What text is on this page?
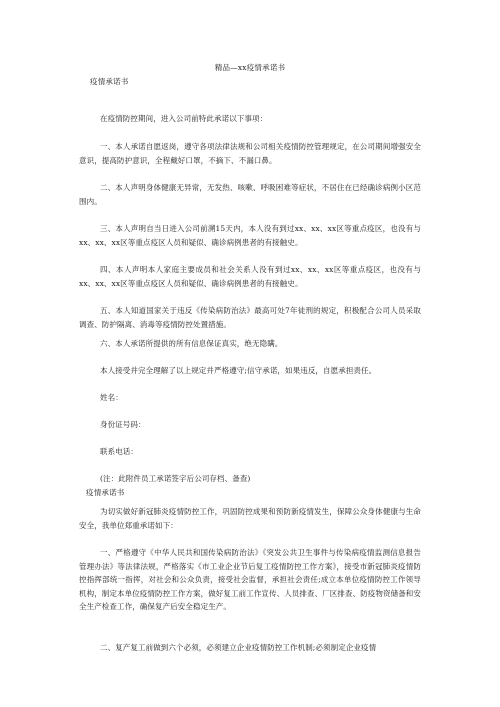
精品—xx疫情承诺书
疫情承诺书
在疫情防控期间，进入公司前特此承诺以下事项：
一、本人承诺自愿返岗，遵守各项法律法规和公司相关疫情防控管理规定，在公司期间增强安全意识，提高防护意识，全程戴好口罩，不摘下、不漏口鼻。
二、本人声明身体健康无异常，无发热、咳嗽、呼吸困难等症状，不居住在已经确诊病例小区范围内。
三、本人声明自当日进入公司前溯15天内，本人没有到过xx、xx、xx区等重点疫区，也没有与xx、xx、xx区等重点疫区人员和疑似、确诊病例患者的有接触史。
四、本人声明本人家庭主要成员和社会关系人没有到过xx、xx、xx区等重点疫区，也没有与xx、xx、xx区等重点疫区人员和疑似、确诊病例患者的有接触史。
五、本人知道国家关于违反《传染病防治法》最高可处7年徒刑的规定，积极配合公司人员采取调查、防护隔离、消毒等疫情防控处置措施。
六、本人承诺所提供的所有信息保证真实，绝无隐瞒。
本人接受并完全理解了以上规定并严格遵守;信守承诺，如果违反，自愿承担责任。
姓名：
身份证号码：
联系电话：
(注：此附件员工承诺签字后公司存档、备查)
疫情承诺书
为切实做好新冠肺炎疫情防控工作，巩固防控成果和预防新疫情发生，保障公众身体健康与生命安全，我单位郑重承诺如下：
一、严格遵守《中华人民共和国传染病防治法》《突发公共卫生事件与传染病疫情监测信息报告管理办法》等法律法规，严格落实《市工业企业节后复工疫情防控工作方案》，接受市新冠肺炎疫情防控指挥部统一指挥，对社会和公众负责，接受社会监督，承担社会责任;成立本单位疫情防控工作领导机构，制定本单位疫情防控工作方案，做好复工前工作宣传、人员排查、厂区排查、防疫物资储备和安全生产检查工作，确保复产后安全稳定生产。
二、复产复工前做到六个必须，必须建立企业疫情防控工作机制;必须制定企业疫情
